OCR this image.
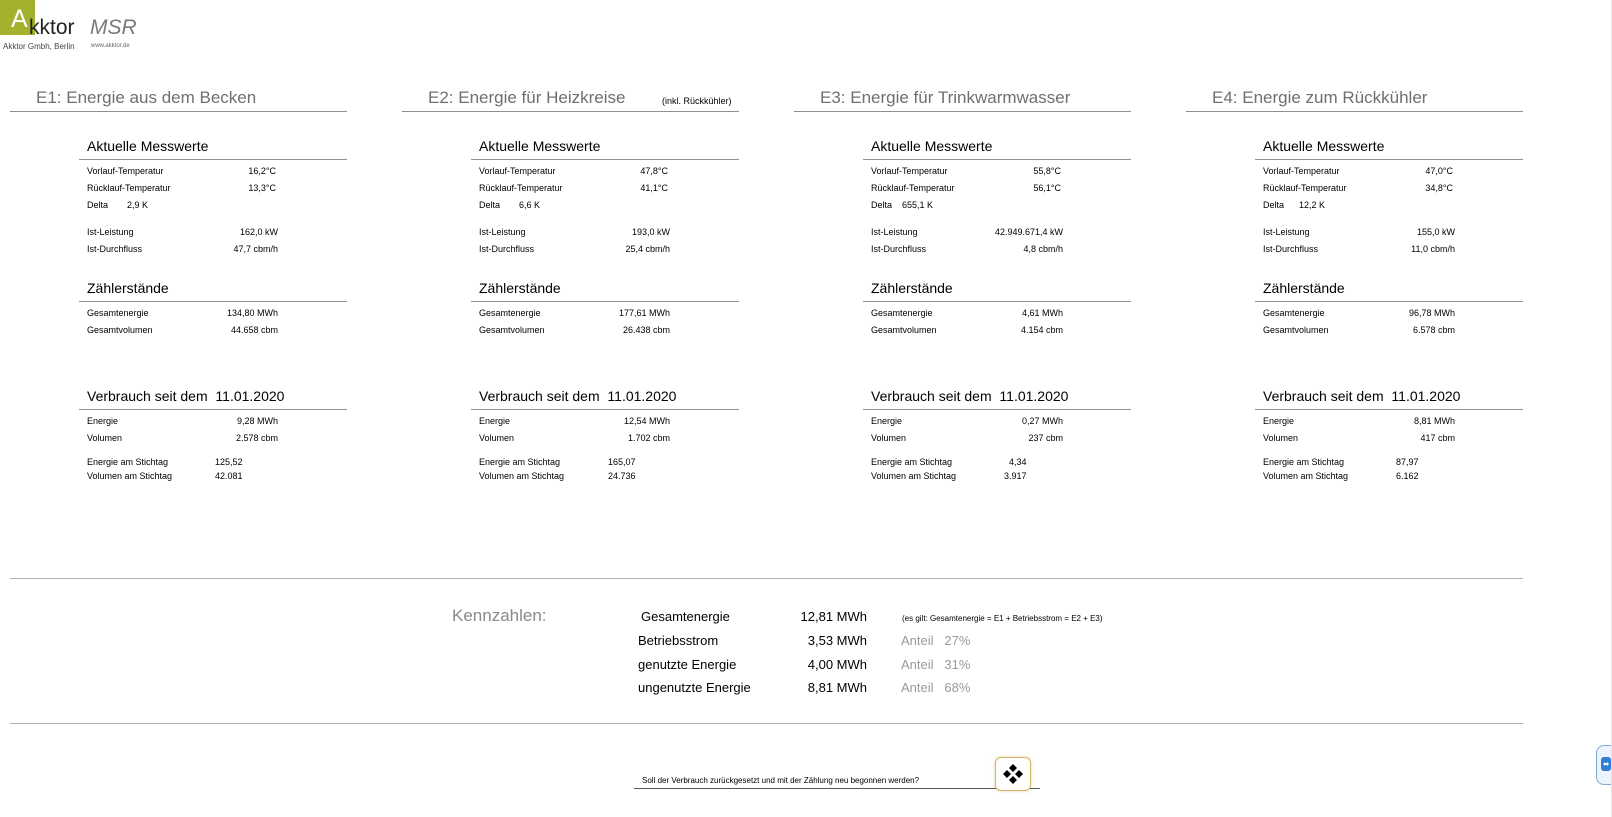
A kktor MSR
Akktor Gmbh, Berlin	www.akktor.de
E1: Energie aus dem Becken
Aktuelle Messwerte
Vorlauf-Temperatur	16,2°C
Rücklauf-Temperatur	13,3°C
Delta 2,9 K
Ist-Leistung	162,0 kW
Ist-Durchfluss	47,7 cbm/h
Zählerstände
Gesamtenergie	134,80 MWh
Gesamtvolumen	44.658 cbm
Verbrauch seit dem 11.01.2020
Energie	9,28 MWh
Volumen	2.578 cbm
Energie am Stichtag	125,52
Volumen am Stichtag	42.081
E2: Energie für Heizkreise	(inkl. Rückkühler)
Aktuelle Messwerte
Vorlauf-Temperatur	47,8°C
Rücklauf-Temperatur	41,1°C
Delta 6,6 K
Ist-Leistung	193,0 kW
Ist-Durchfluss	25,4 cbm/h
Zählerstände
Gesamtenergie	177,61 MWh
Gesamtvolumen	26.438 cbm
Verbrauch seit dem 11.01.2020
Energie	12,54 MWh
Volumen	1.702 cbm
Energie am Stichtag	165,07
Volumen am Stichtag	24.736
E3: Energie für Trinkwarmwasser
Aktuelle Messwerte
Vorlauf-Temperatur	55,8°C
Rücklauf-Temperatur	56,1°C
Delta 655,1 K
Ist-Leistung	42.949.671,4 kW
Ist-Durchfluss	4,8 cbm/h
Zählerstände
Gesamtenergie	4,61 MWh
Gesamtvolumen	4.154 cbm
Verbrauch seit dem 11.01.2020
Energie	0,27 MWh
Volumen	237 cbm
Energie am Stichtag	4,34
Volumen am Stichtag	3.917
E4: Energie zum Rückkühler
Aktuelle Messwerte
Vorlauf-Temperatur	47,0°C
Rücklauf-Temperatur	34,8°C
Delta 12,2 K
Ist-Leistung	155,0 kW
Ist-Durchfluss	11,0 cbm/h
Zählerstände
Gesamtenergie	96,78 MWh
Gesamtvolumen	6.578 cbm
Verbrauch seit dem 11.01.2020
Energie	8,81 MWh
Volumen	417 cbm
Energie am Stichtag	87,97
Volumen am Stichtag	6.162
Kennzahlen:	Gesamtenergie	12,81 MWh	(es gilt: Gesamtenergie = E1 + Betriebsstrom = E2 + E3)
Betriebsstrom	3,53 MWh	Anteil 27%
genutzte Energie	4,00 MWh	Anteil 31%
ungenutzte Energie	8,81 MWh	Anteil 68%
Soll der Verbrauch zurückgesetzt und mit der Zählung neu begonnen werden?
